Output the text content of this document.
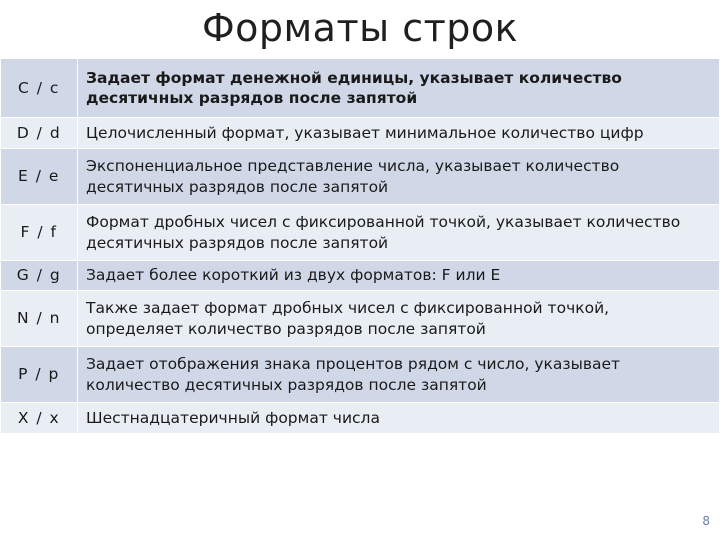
Форматы строк
C / c	Задает формат денежной единицы, указывает количество десятичных разрядов после запятой
D / d	Целочисленный формат, указывает минимальное количество цифр
E / e	Экспоненциальное представление числа, указывает количество десятичных разрядов после запятой
F / f	Формат дробных чисел с фиксированной точкой, указывает количество десятичных разрядов после запятой
G / g	Задает более короткий из двух форматов: F или E
N / n	Также задает формат дробных чисел с фиксированной точкой, определяет количество разрядов после запятой
P / p	Задает отображения знака процентов рядом с число, указывает количество десятичных разрядов после запятой
X / x	Шестнадцатеричный формат числа
8
